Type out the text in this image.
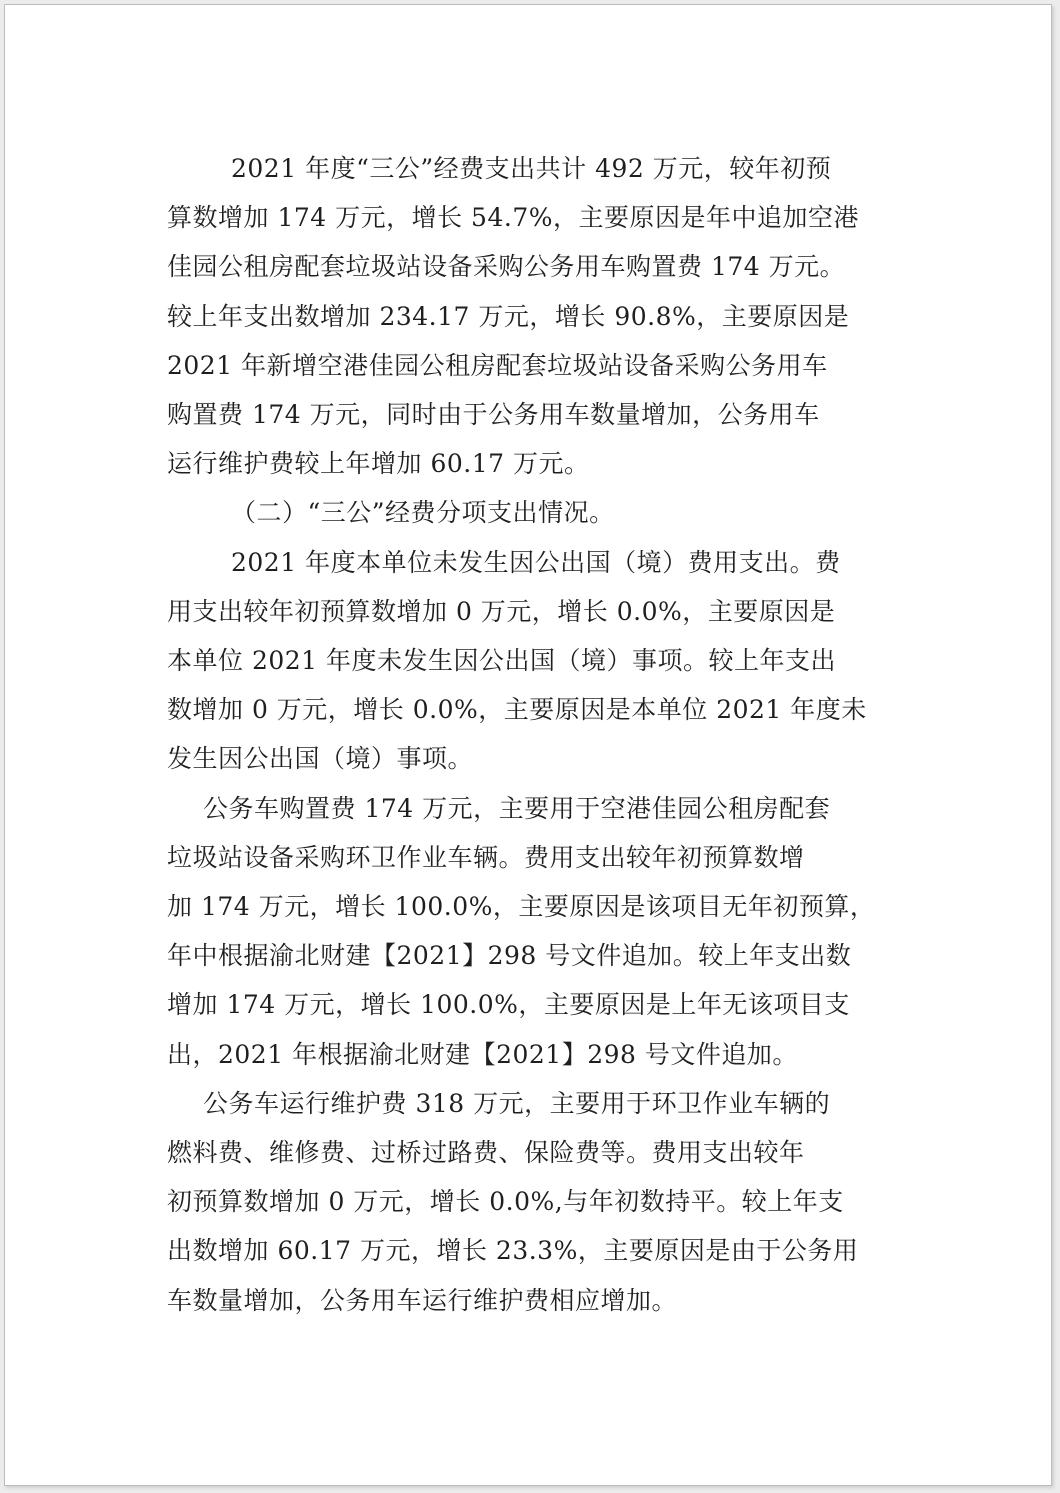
2021 年度“三公”经费支出共计 492 万元，较年初预
算数增加 174 万元，增长 54.7%，主要原因是年中追加空港
佳园公租房配套垃圾站设备采购公务用车购置费 174 万元。
较上年支出数增加 234.17 万元，增长 90.8%，主要原因是
2021 年新增空港佳园公租房配套垃圾站设备采购公务用车
购置费 174 万元，同时由于公务用车数量增加，公务用车
运行维护费较上年增加 60.17 万元。
（二）“三公”经费分项支出情况。
2021 年度本单位未发生因公出国（境）费用支出。费
用支出较年初预算数增加 0 万元，增长 0.0%，主要原因是
本单位 2021 年度未发生因公出国（境）事项。较上年支出
数增加 0 万元，增长 0.0%，主要原因是本单位 2021 年度未
发生因公出国（境）事项。
公务车购置费 174 万元，主要用于空港佳园公租房配套
垃圾站设备采购环卫作业车辆。费用支出较年初预算数增
加 174 万元，增长 100.0%，主要原因是该项目无年初预算，
年中根据渝北财建【2021】298 号文件追加。较上年支出数
增加 174 万元，增长 100.0%，主要原因是上年无该项目支
出，2021 年根据渝北财建【2021】298 号文件追加。
公务车运行维护费 318 万元，主要用于环卫作业车辆的
燃料费、维修费、过桥过路费、保险费等。费用支出较年
初预算数增加 0 万元，增长 0.0%,与年初数持平。较上年支
出数增加 60.17 万元，增长 23.3%，主要原因是由于公务用
车数量增加，公务用车运行维护费相应增加。
